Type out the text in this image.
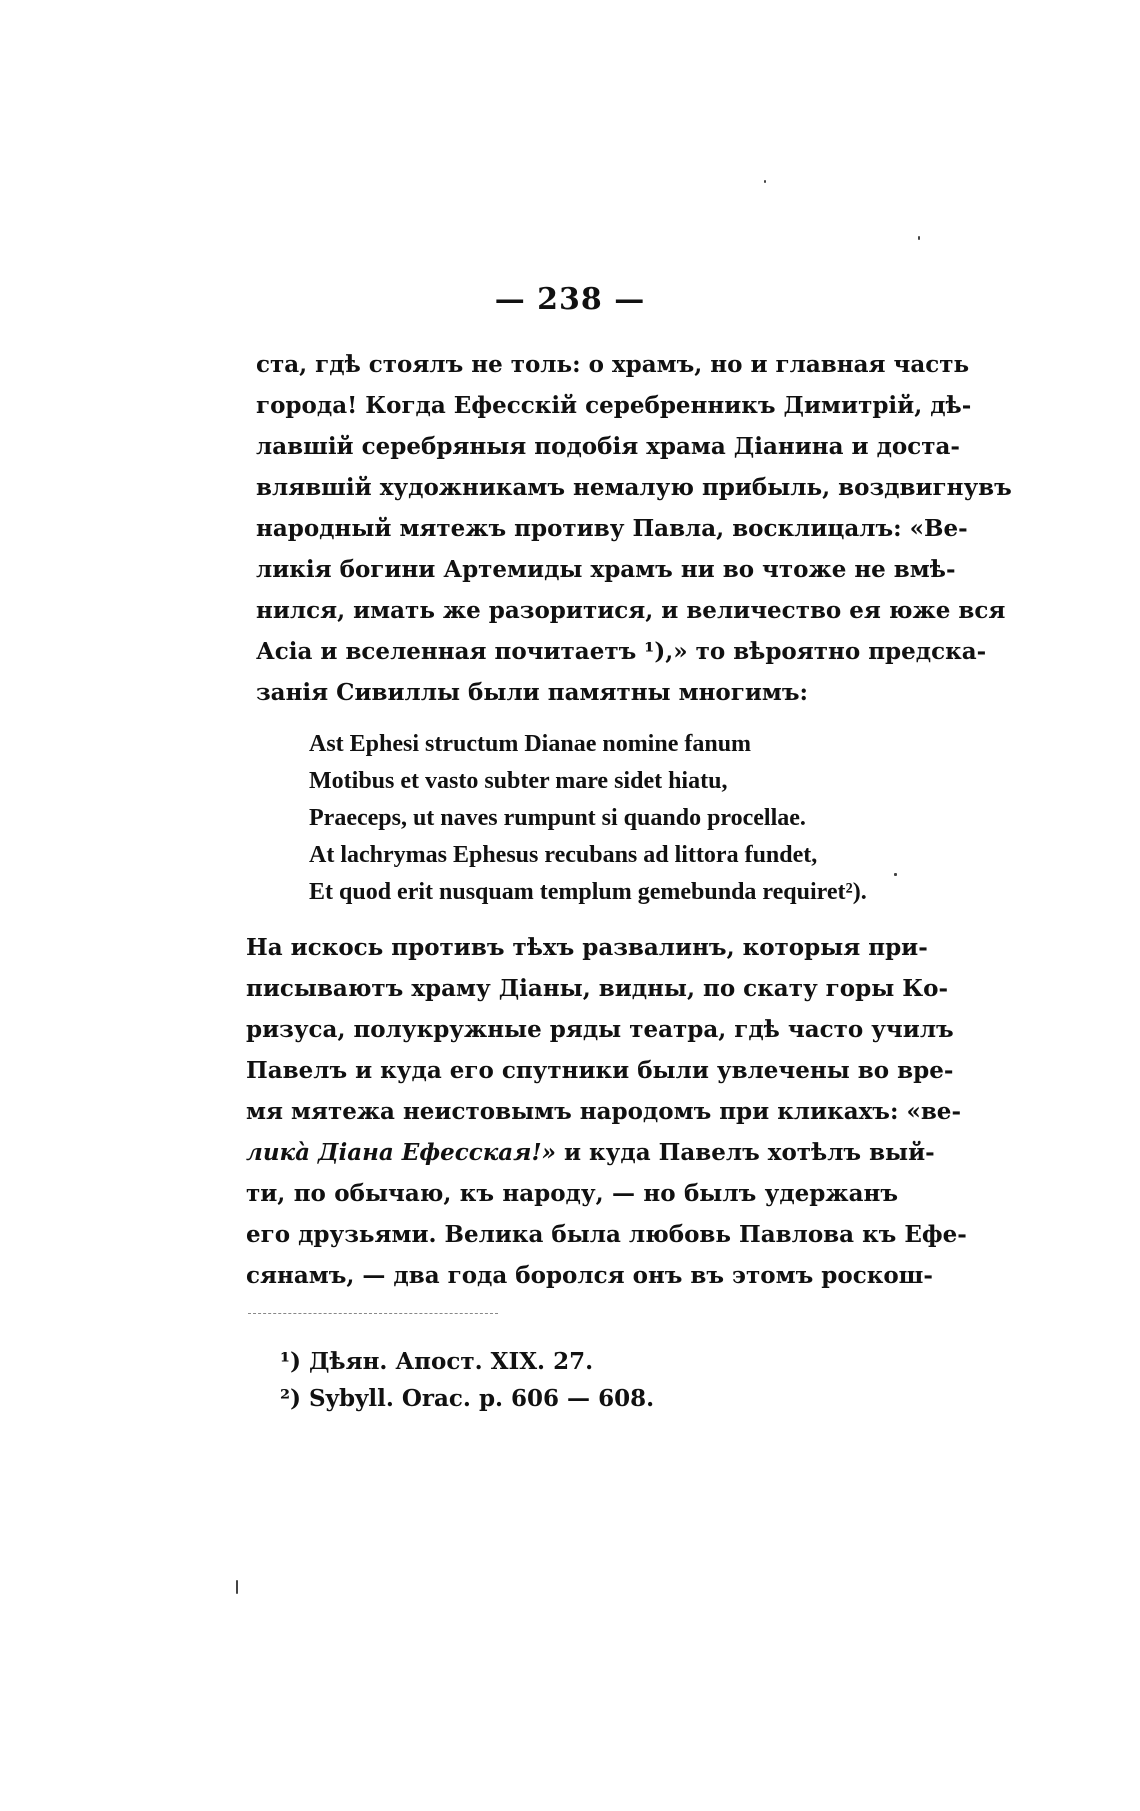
— 238 —
ста, гдѣ стоялъ не толь: о храмъ, но и главная часть
города! Когда Ефесскій серебренникъ Димитрій, дѣ-
лавшій серебряныя подобія храма Діанина и доста-
влявшій художникамъ немалую прибыль, воздвигнувъ
народный мятежъ противу Павла, восклицалъ: «Ве-
ликія богини Артемиды храмъ ни во чтоже не вмѣ-
нился, имать же разоритися, и величество ея юже вся
Асіа и вселенная почитаетъ ¹),» то вѣроятно предска-
занія Сивиллы были памятны многимъ:
Ast Ephesi structum Dianae nomine fanum
Motibus et vasto subter mare sidet hiatu,
Praeceps, ut naves rumpunt si quando procellae.
At lachrymas Ephesus recubans ad littora fundet,
Et quod erit nusquam templum gemebunda requiret²).
На искось противъ тѣхъ развалинъ, которыя при-
писываютъ храму Діаны, видны, по скату горы Ко-
ризуса, полукружные ряды театра, гдѣ часто училъ
Павелъ и куда его спутники были увлечены во вре-
мя мятежа неистовымъ народомъ при кликахъ: «ве-
ликà Діана Ефесская!» и куда Павелъ хотѣлъ вый-
ти, по обычаю, къ народу, — но былъ удержанъ
его друзьями. Велика была любовь Павлова къ Ефе-
сянамъ, — два года боролся онъ въ этомъ роскош-
¹) Дѣян. Апост. XIX. 27.
²) Sybyll. Orac. p. 606 — 608.
